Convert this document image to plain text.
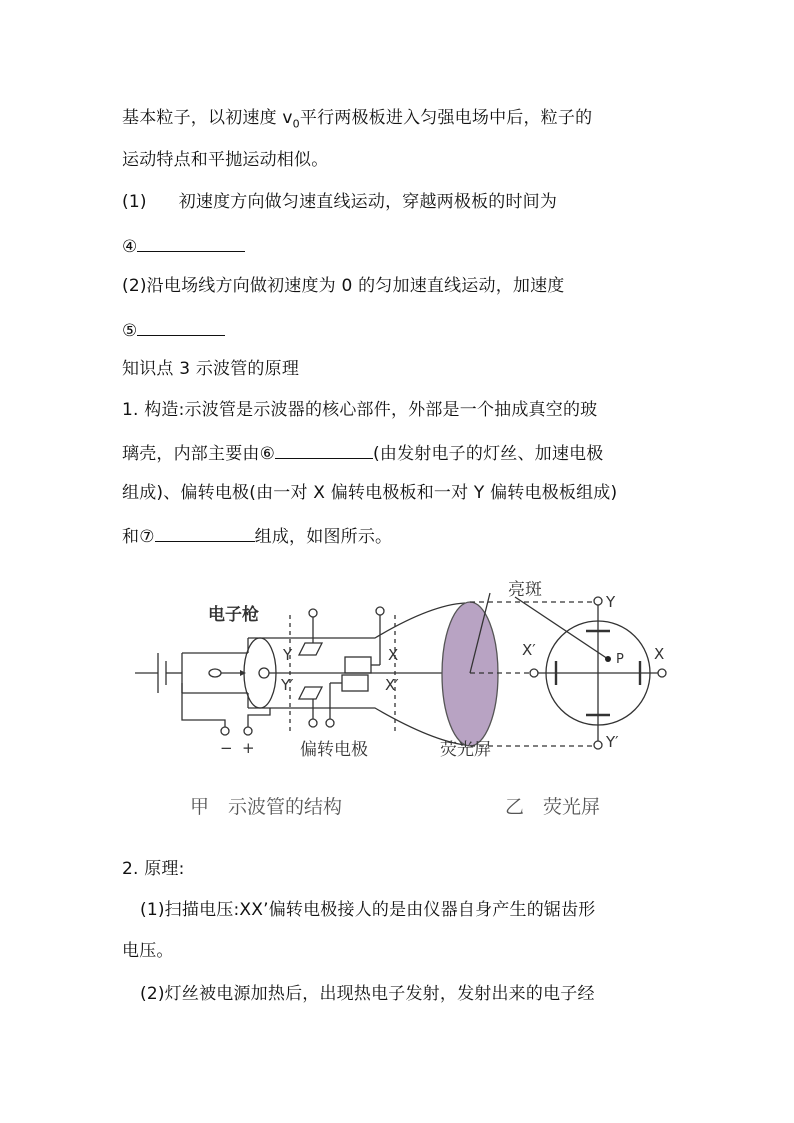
基本粒子，以初速度 $v_0$平行两极板进入匀强电场中后，粒子的
运动特点和平抛运动相似。
(1) 初速度方向做匀速直线运动，穿越两极板的时间为
④
(2)沿电场线方向做初速度为 0 的匀加速直线运动，加速度
⑤
知识点 3 示波管的原理
1. 构造:示波管是示波器的核心部件，外部是一个抽成真空的玻
璃壳，内部主要由⑥	(由发射电子的灯丝、加速电极
组成)、偏转电极(由一对 X 偏转电极板和一对 Y 偏转电极板组成)
和⑦	组成，如图所示。
电子枪
Y
Y′
X
X′
− +	偏转电极	荧光屏
亮斑
X′	X
Y
Y′
P
甲　示波管的结构	乙　荧光屏
2. 原理:
(1)扫描电压:XX’偏转电极接人的是由仪器自身产生的锯齿形
电压。
(2)灯丝被电源加热后，出现热电子发射，发射出来的电子经
